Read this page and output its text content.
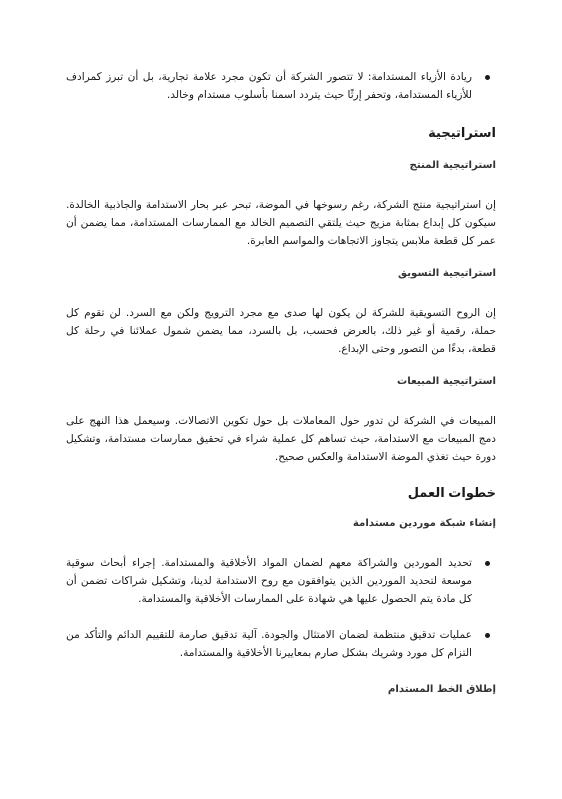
ريادة الأزياء المستدامة: لا تتصور الشركة أن تكون مجرد علامة تجارية، بل أن تبرز كمرادف للأزياء المستدامة، وتحفر إرثًا حيث يتردد اسمنا بأسلوب مستدام وخالد.
استراتيجية
استراتيجية المنتج

إن استراتيجية منتج الشركة، رغم رسوخها في الموضة، تبحر عبر بحار الاستدامة والجاذبية الخالدة. سيكون كل إبداع بمثابة مزيج حيث يلتقي التصميم الخالد مع الممارسات المستدامة، مما يضمن أن عمر كل قطعة ملابس يتجاوز الاتجاهات والمواسم العابرة.

استراتيجية التسويق

إن الروح التسويقية للشركة لن يكون لها صدى مع مجرد الترويج ولكن مع السرد. لن تقوم كل حملة، رقمية أو غير ذلك، بالعرض فحسب، بل بالسرد، مما يضمن شمول عملائنا في رحلة كل قطعة، بدءًا من التصور وحتى الإبداع.

استراتيجية المبيعات

المبيعات في الشركة لن تدور حول المعاملات بل حول تكوين الاتصالات. وسيعمل هذا النهج على دمج المبيعات مع الاستدامة، حيث تساهم كل عملية شراء في تحقيق ممارسات مستدامة، وتشكيل دورة حيث تغذي الموضة الاستدامة والعكس صحيح.

خطوات العمل
إنشاء شبكة موردين مستدامة
تحديد الموردين والشراكة معهم لضمان المواد الأخلاقية والمستدامة. إجراء أبحاث سوقية موسعة لتحديد الموردين الذين يتوافقون مع روح الاستدامة لدينا، وتشكيل شراكات تضمن أن كل مادة يتم الحصول عليها هي شهادة على الممارسات الأخلاقية والمستدامة.
عمليات تدقيق منتظمة لضمان الامتثال والجودة. آلية تدقيق صارمة للتقييم الدائم والتأكد من التزام كل مورد وشريك بشكل صارم بمعاييرنا الأخلاقية والمستدامة.
إطلاق الخط المستدام
